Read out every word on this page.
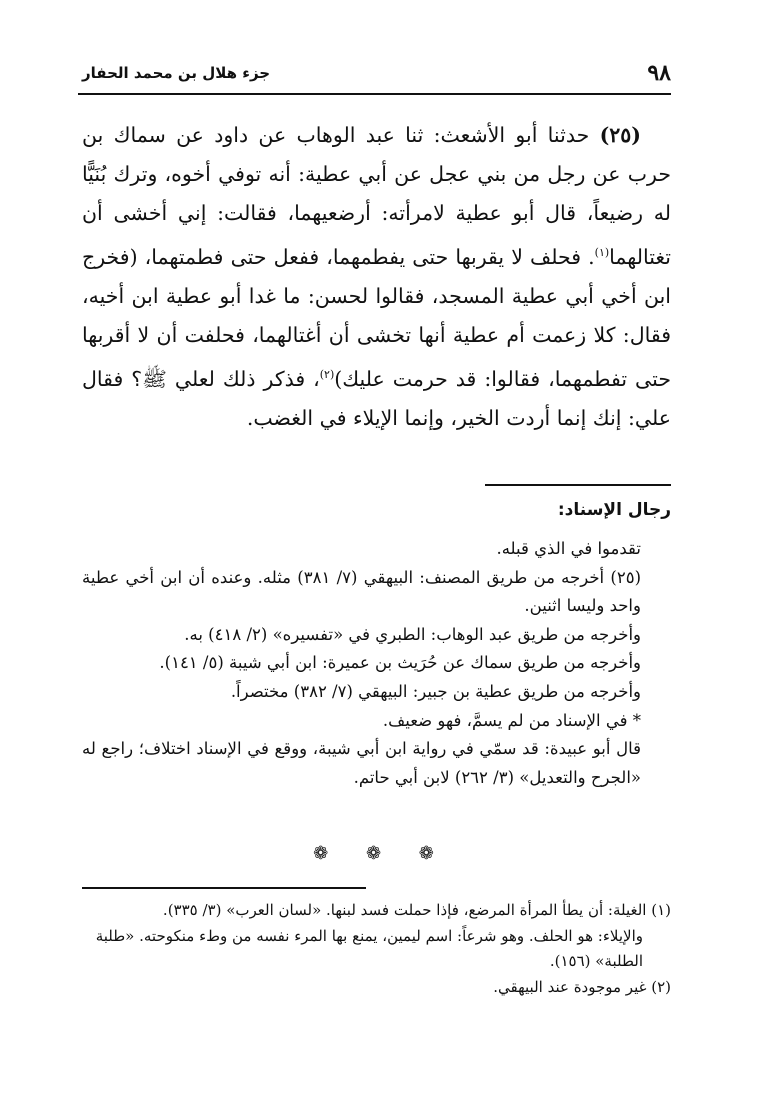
٩٨
جزء هلال بن محمد الحفار

(٢٥) حدثنا أبو الأشعث: ثنا عبد الوهاب عن داود عن سماك بن حرب عن رجل من بني عجل عن أبي عطية: أنه توفي أخوه، وترك بُنَيًّا له رضيعاً، قال أبو عطية لامرأته: أرضعيهما، فقالت: إني أخشى أن تغتالهما$^{(١)}$. فحلف لا يقربها حتى يفطمهما، ففعل حتى فطمتهما، (فخرج ابن أخي أبي عطية المسجد، فقالوا لحسن: ما غدا أبو عطية ابن أخيه، فقال: كلا زعمت أم عطية أنها تخشى أن أغتالهما، فحلفت أن لا أقربها حتى تفطمهما، فقالوا: قد حرمت عليك)$^{(٢)}$، فذكر ذلك لعلي ﷺ؟ فقال علي: إنك إنما أردت الخير، وإنما الإيلاء في الغضب.

رجال الإسناد:

تقدموا في الذي قبله.

(٢٥) أخرجه من طريق المصنف: البيهقي (٧/ ٣٨١) مثله. وعنده أن ابن أخي عطية واحد وليسا اثنين.

وأخرجه من طريق عبد الوهاب: الطبري في «تفسيره» (٢/ ٤١٨) به.

وأخرجه من طريق سماك عن حُرَيث بن عميرة: ابن أبي شيبة (٥/ ١٤١).

وأخرجه من طريق عطية بن جبير: البيهقي (٧/ ٣٨٢) مختصراً.

* في الإسناد من لم يسمَّ، فهو ضعيف.

قال أبو عبيدة: قد سمّي في رواية ابن أبي شيبة، ووقع في الإسناد اختلاف؛ راجع له «الجرح والتعديل» (٣/ ٢٦٢) لابن أبي حاتم.

❁ ❁ ❁

(١) الغيلة: أن يطأ المرأة المرضع، فإذا حملت فسد لبنها. «لسان العرب» (٣/ ٣٣٥).

والإيلاء: هو الحلف. وهو شرعاً: اسم ليمين، يمنع بها المرء نفسه من وطء منكوحته. «طلبة الطلبة» (١٥٦).

(٢) غير موجودة عند البيهقي.
